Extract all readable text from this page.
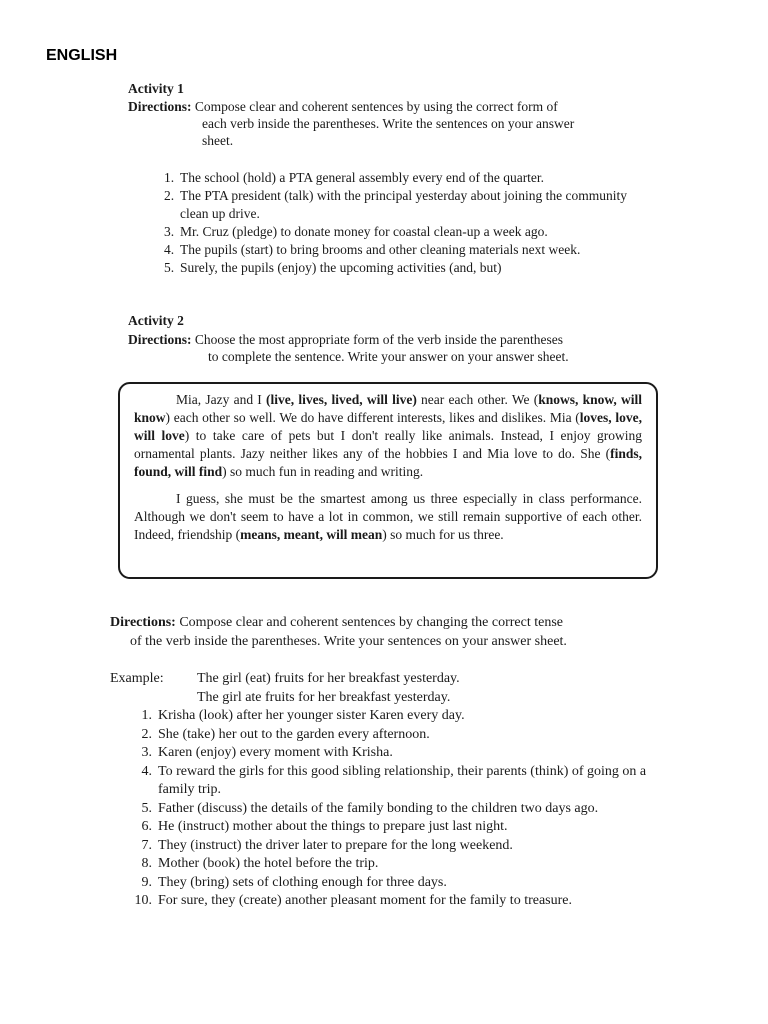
ENGLISH
Activity 1
Directions: Compose clear and coherent sentences by using the correct form of
each verb inside the parentheses. Write the sentences on your answer
sheet.
1. The school (hold) a PTA general assembly every end of the quarter.
2. The PTA president (talk) with the principal yesterday about joining the community clean up drive.
3. Mr. Cruz (pledge) to donate money for coastal clean-up a week ago.
4. The pupils (start) to bring brooms and other cleaning materials next week.
5. Surely, the pupils (enjoy) the upcoming activities (and, but)
Activity 2
Directions: Choose the most appropriate form of the verb inside the parentheses
to complete the sentence. Write your answer on your answer sheet.

Mia, Jazy and I (live, lives, lived, will live) near each other. We (knows, know, will know) each other so well. We do have different interests, likes and dislikes. Mia (loves, love, will love) to take care of pets but I don't really like animals. Instead, I enjoy growing ornamental plants. Jazy neither likes any of the hobbies I and Mia love to do. She (finds, found, will find) so much fun in reading and writing.

I guess, she must be the smartest among us three especially in class performance. Although we don't seem to have a lot in common, we still remain supportive of each other. Indeed, friendship (means, meant, will mean) so much for us three.

Directions: Compose clear and coherent sentences by changing the correct tense
of the verb inside the parentheses. Write your sentences on your answer sheet.
Example: The girl (eat) fruits for her breakfast yesterday.
The girl ate fruits for her breakfast yesterday.
1. Krisha (look) after her younger sister Karen every day.
2. She (take) her out to the garden every afternoon.
3. Karen (enjoy) every moment with Krisha.
4. To reward the girls for this good sibling relationship, their parents (think) of going on a family trip.
5. Father (discuss) the details of the family bonding to the children two days ago.
6. He (instruct) mother about the things to prepare just last night.
7. They (instruct) the driver later to prepare for the long weekend.
8. Mother (book) the hotel before the trip.
9. They (bring) sets of clothing enough for three days.
10. For sure, they (create) another pleasant moment for the family to treasure.
